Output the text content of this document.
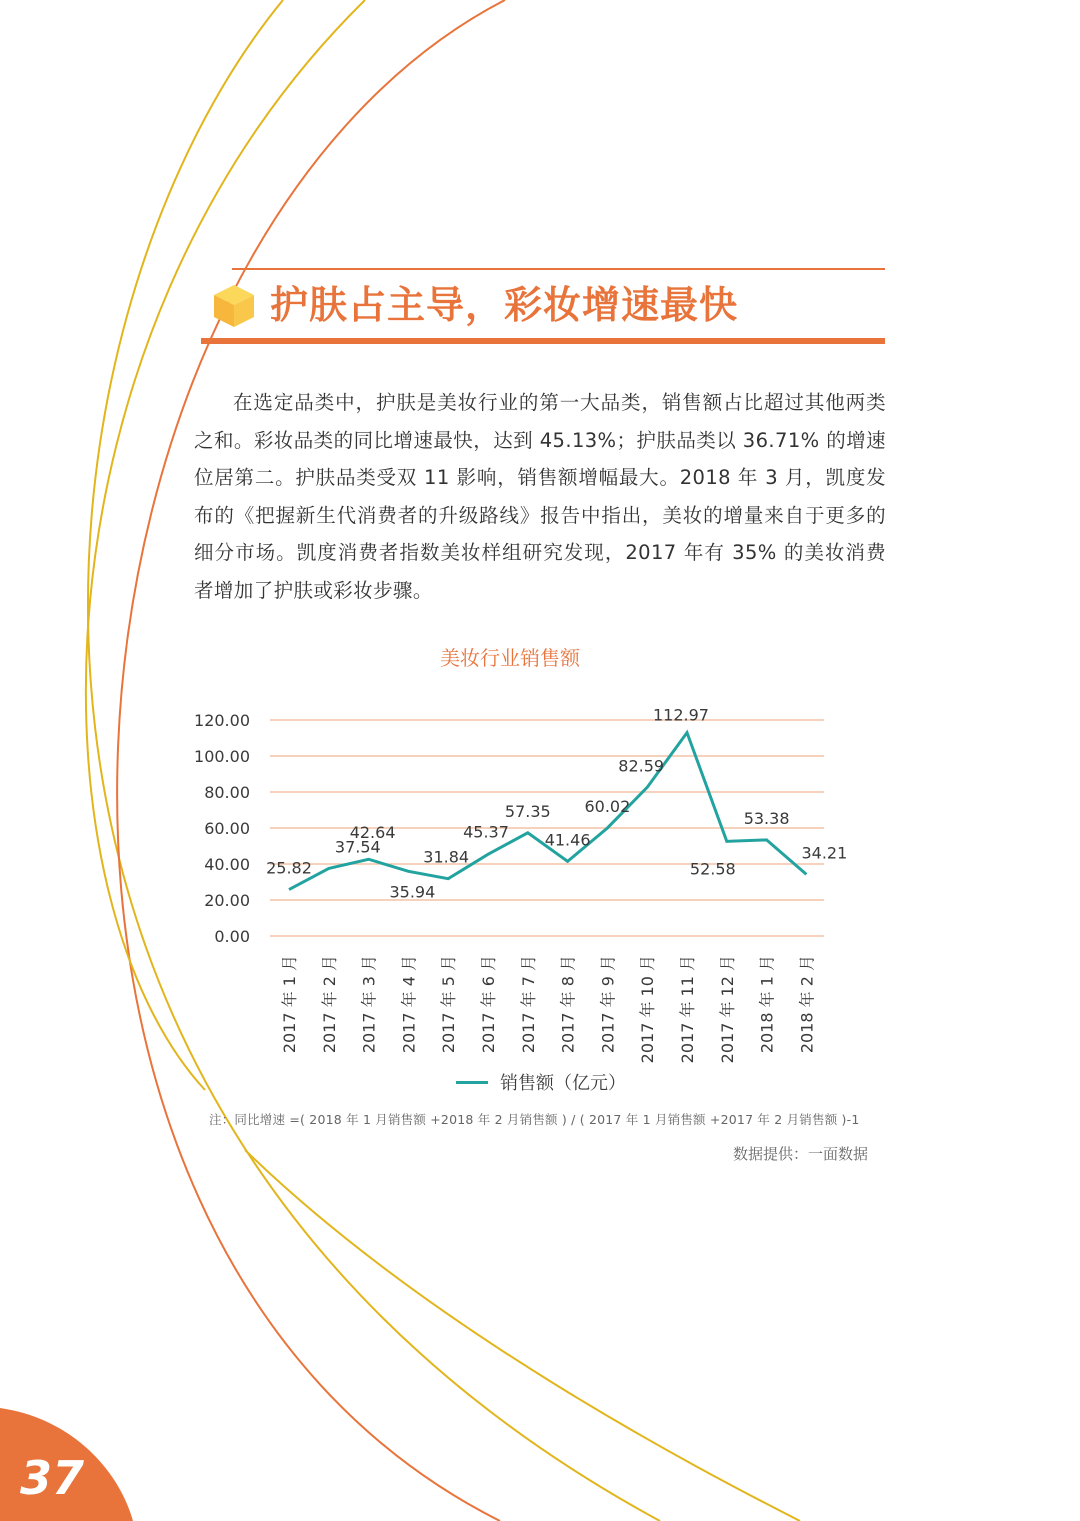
护肤占主导，彩妆增速最快

在选定品类中，护肤是美妆行业的第一大品类，销售额占比超过其他两类之和。彩妆品类的同比增速最快，达到 45.13%；护肤品类以 36.71% 的增速位居第二。护肤品类受双 11 影响，销售额增幅最大。2018 年 3 月，凯度发布的《把握新生代消费者的升级路线》报告中指出，美妆的增量来自于更多的细分市场。凯度消费者指数美妆样组研究发现，2017 年有 35% 的美妆消费者增加了护肤或彩妆步骤。

美妆行业销售额
0.00
20.00
40.00
60.00
80.00
100.00
120.00
2017 年 1 月 2017 年 2 月 2017 年 3 月 2017 年 4 月 2017 年 5 月 2017 年 6 月 2017 年 7 月 2017 年 8 月 2017 年 9 月 2017 年 10 月 2017 年 11 月 2017 年 12 月 2018 年 1 月 2018 年 2 月
25.82
37.54
42.64
35.94
31.84
45.37
57.35
41.46
60.02
82.59
112.97
52.58
53.38
34.21
销售额（亿元）

注：同比增速 =( 2018 年 1 月销售额 +2018 年 2 月销售额 ) / ( 2017 年 1 月销售额 +2017 年 2 月销售额 )-1

数据提供：一面数据

37
